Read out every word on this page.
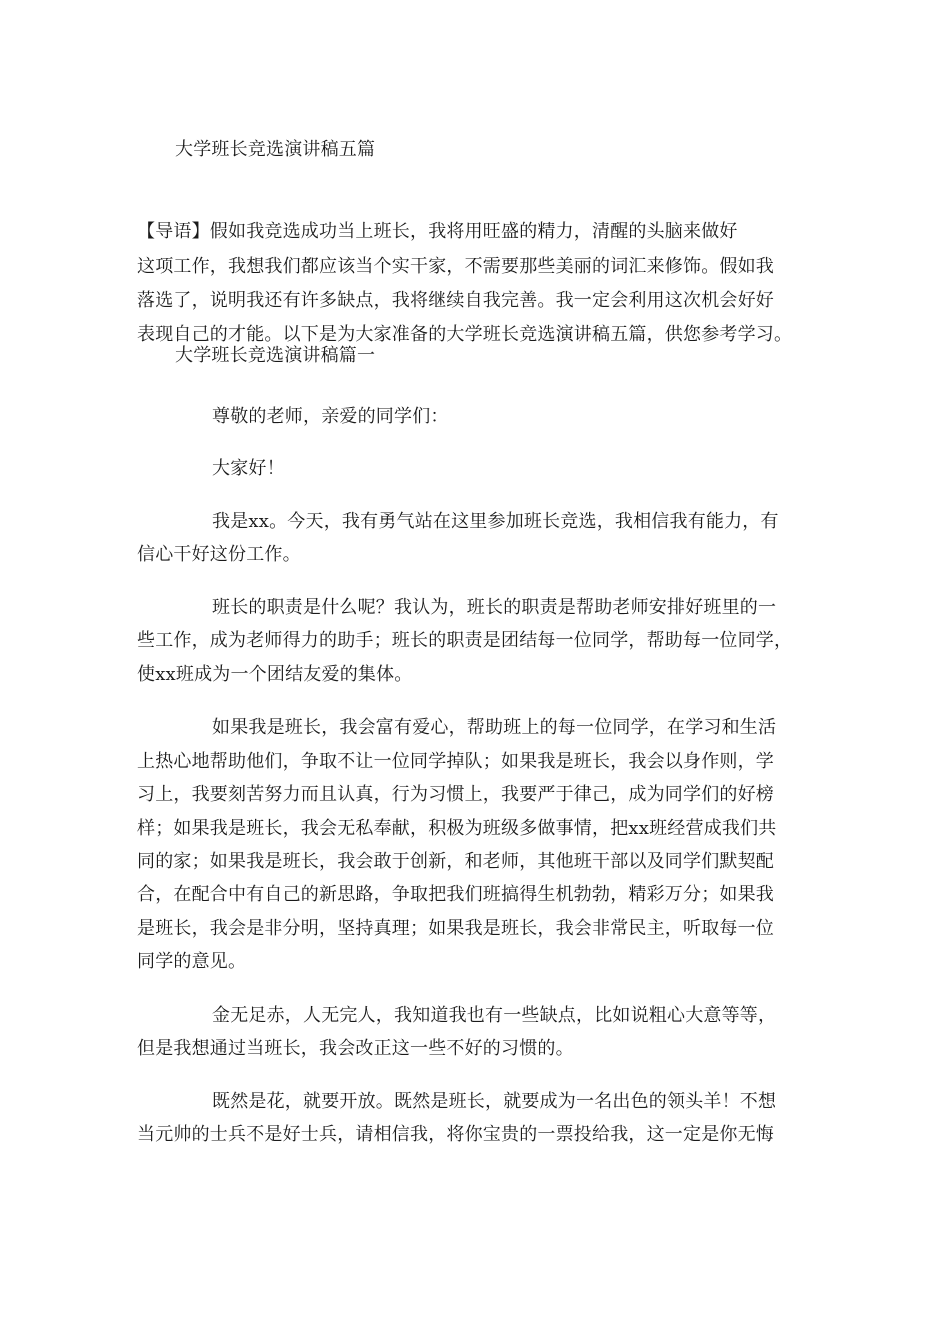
大学班长竞选演讲稿五篇
【导语】假如我竞选成功当上班长，我将用旺盛的精力，清醒的头脑来做好
这项工作，我想我们都应该当个实干家，不需要那些美丽的词汇来修饰。假如我
落选了，说明我还有许多缺点，我将继续自我完善。我一定会利用这次机会好好
表现自己的才能。以下是为大家准备的大学班长竞选演讲稿五篇，供您参考学习。
大学班长竞选演讲稿篇一
尊敬的老师，亲爱的同学们：
大家好！
我是xx。今天，我有勇气站在这里参加班长竞选，我相信我有能力，有
信心干好这份工作。
班长的职责是什么呢？我认为，班长的职责是帮助老师安排好班里的一
些工作，成为老师得力的助手；班长的职责是团结每一位同学，帮助每一位同学，
使xx班成为一个团结友爱的集体。
如果我是班长，我会富有爱心，帮助班上的每一位同学，在学习和生活
上热心地帮助他们，争取不让一位同学掉队；如果我是班长，我会以身作则，学
习上，我要刻苦努力而且认真，行为习惯上，我要严于律己，成为同学们的好榜
样；如果我是班长，我会无私奉献，积极为班级多做事情，把xx班经营成我们共
同的家；如果我是班长，我会敢于创新，和老师，其他班干部以及同学们默契配
合，在配合中有自己的新思路，争取把我们班搞得生机勃勃，精彩万分；如果我
是班长，我会是非分明，坚持真理；如果我是班长，我会非常民主，听取每一位
同学的意见。
金无足赤，人无完人，我知道我也有一些缺点，比如说粗心大意等等，
但是我想通过当班长，我会改正这一些不好的习惯的。
既然是花，就要开放。既然是班长，就要成为一名出色的领头羊！不想
当元帅的士兵不是好士兵，请相信我，将你宝贵的一票投给我，这一定是你无悔
